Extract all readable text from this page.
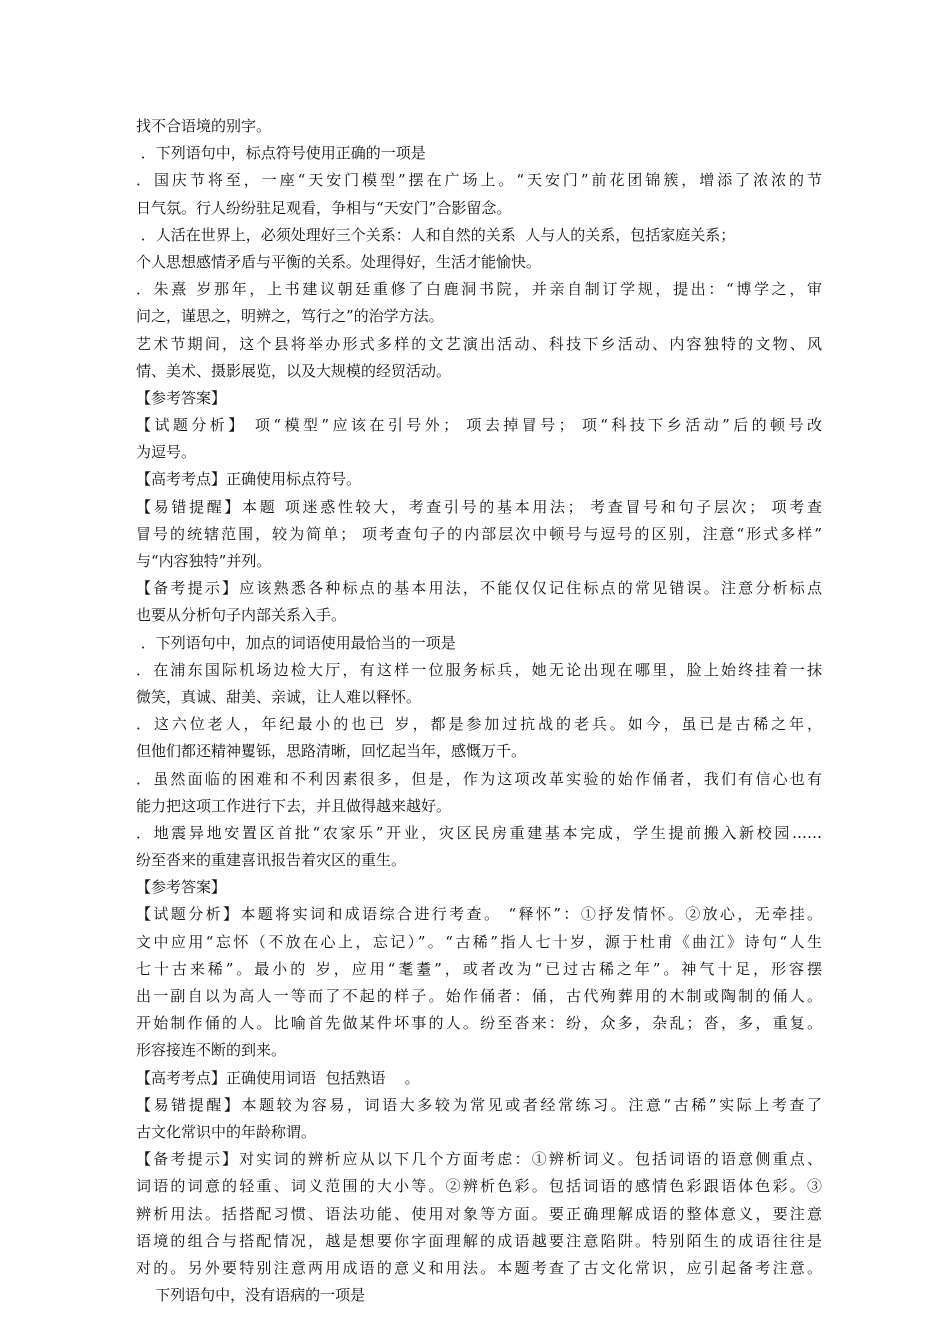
找不合语境的别字。
．下列语句中，标点符号使用正确的一项是
．国庆节将至，一座“天安门模型”摆在广场上。“天安门”前花团锦簇，增添了浓浓的节
日气氛。行人纷纷驻足观看，争相与“天安门”合影留念。
．人活在世界上，必须处理好三个关系：人和自然的关系  人与人的关系，包括家庭关系；
个人思想感情矛盾与平衡的关系。处理得好，生活才能愉快。
．朱熹 岁那年，上书建议朝廷重修了白鹿洞书院，并亲自制订学规，提出：“博学之，审
问之，谨思之，明辨之，笃行之”的治学方法。
艺术节期间，这个县将举办形式多样的文艺演出活动、科技下乡活动、内容独特的文物、风
情、美术、摄影展览，以及大规模的经贸活动。
【参考答案】
【试题分析】 项“模型”应该在引号外； 项去掉冒号； 项“科技下乡活动”后的顿号改
为逗号。
【高考考点】正确使用标点符号。
【易错提醒】本题 项迷惑性较大，考查引号的基本用法； 考查冒号和句子层次； 项考查
冒号的统辖范围，较为简单； 项考查句子的内部层次中顿号与逗号的区别，注意“形式多样”
与“内容独特”并列。
【备考提示】应该熟悉各种标点的基本用法，不能仅仅记住标点的常见错误。注意分析标点
也要从分析句子内部关系入手。
．下列语句中，加点的词语使用最恰当的一项是
．在浦东国际机场边检大厅，有这样一位服务标兵，她无论出现在哪里，脸上始终挂着一抹
微笑，真诚、甜美、亲诚，让人难以释怀。
．这六位老人，年纪最小的也已 岁，都是参加过抗战的老兵。如今，虽已是古稀之年，
但他们都还精神矍铄，思路清晰，回忆起当年，感慨万千。
．虽然面临的困难和不利因素很多，但是，作为这项改革实验的始作俑者，我们有信心也有
能力把这项工作进行下去，并且做得越来越好。
．地震异地安置区首批“农家乐”开业，灾区民房重建基本完成，学生提前搬入新校园……
纷至沓来的重建喜讯报告着灾区的重生。
【参考答案】
【试题分析】本题将实词和成语综合进行考查。 “释怀”：①抒发情怀。②放心，无牵挂。
文中应用“忘怀（不放在心上，忘记）”。“古稀”指人七十岁，源于杜甫《曲江》诗句“人生
七十古来稀”。最小的 岁，应用“耄耋”，或者改为“已过古稀之年”。神气十足，形容摆
出一副自以为高人一等而了不起的样子。始作俑者：俑，古代殉葬用的木制或陶制的俑人。
开始制作俑的人。比喻首先做某件坏事的人。纷至沓来：纷，众多，杂乱；沓，多，重复。
形容接连不断的到来。
【高考考点】正确使用词语  包括熟语    。
【易错提醒】本题较为容易，词语大多较为常见或者经常练习。注意“古稀”实际上考查了
古文化常识中的年龄称谓。
【备考提示】对实词的辨析应从以下几个方面考虑：①辨析词义。包括词语的语意侧重点、
词语的词意的轻重、词义范围的大小等。②辨析色彩。包括词语的感情色彩跟语体色彩。③
辨析用法。括搭配习惯、语法功能、使用对象等方面。要正确理解成语的整体意义，要注意
语境的组合与搭配情况，越是想要你字面理解的成语越要注意陷阱。特别陌生的成语往往是
对的。另外要特别注意两用成语的意义和用法。本题考查了古文化常识，应引起备考注意。
下列语句中，没有语病的一项是
